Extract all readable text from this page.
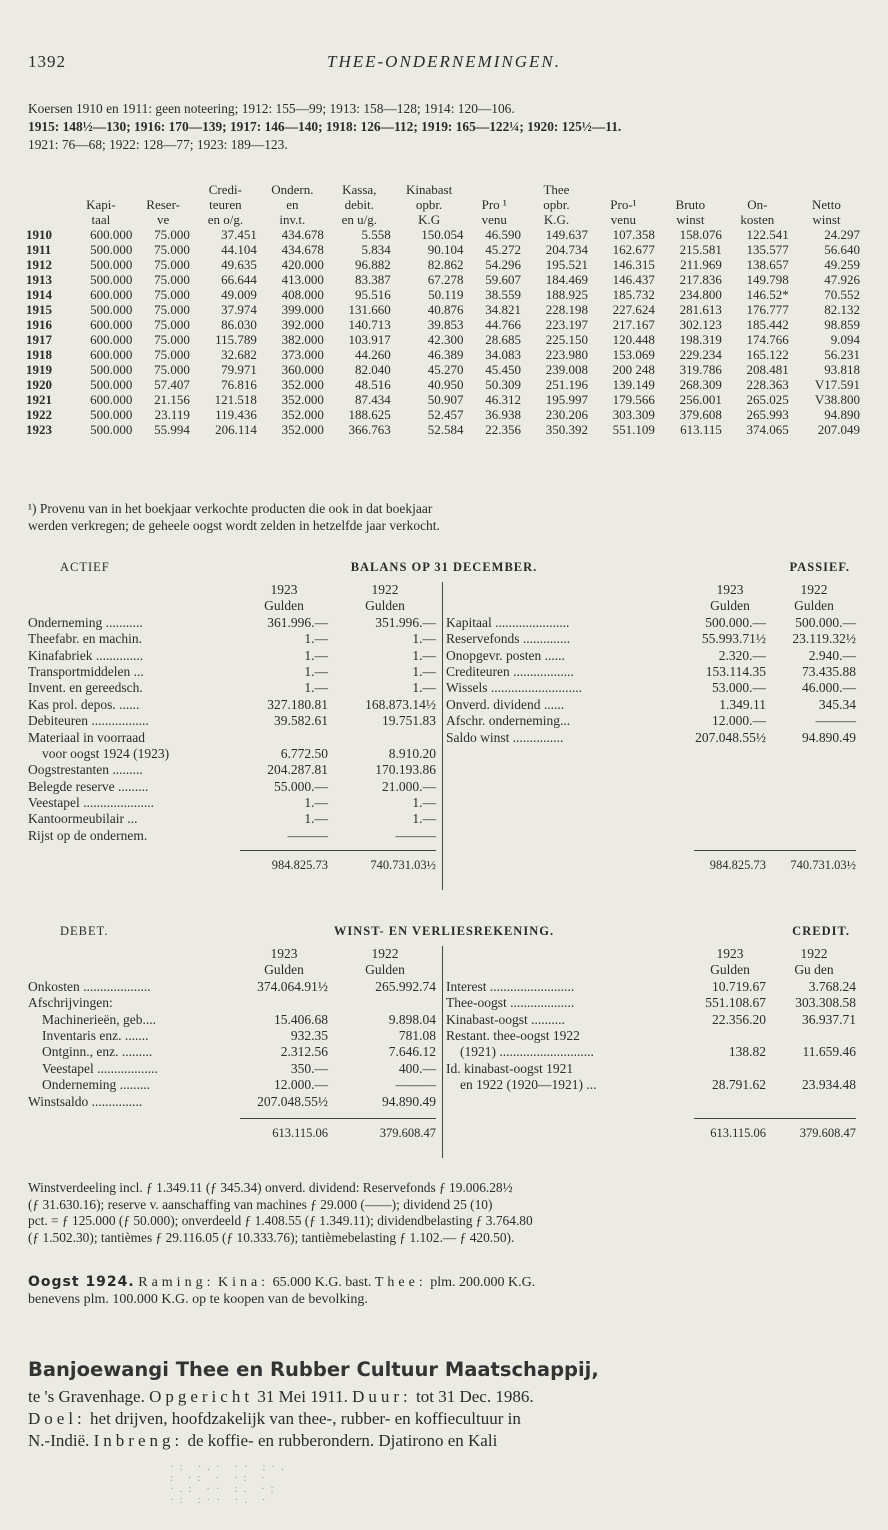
1392	THEE-ONDERNEMINGEN.
Koersen 1910 en 1911: geen noteering; 1912: 155—99; 1913: 158—128; 1914: 120—106.
1915: 148½—130; 1916: 170—139; 1917: 146—140; 1918: 126—112; 1919: 165—122¼; 1920: 125½—11.
1921: 76—68; 1922: 128—77; 1923: 189—123.
			Credi-	Ondern.	Kassa,	Kinabast		Thee				
	Kapi-	Reser-	teuren	en	debit.	opbr.	Pro ¹	opbr.	Pro-¹	Bruto	On-	Netto
	taal	ve	en o/g.	inv.t.	en u/g.	K.G	venu	K.G.	venu	winst	kosten	winst
1910	600.000	75.000	37.451	434.678	5.558	150.054	46.590	149.637	107.358	158.076	122.541	24.297
1911	500.000	75.000	44.104	434.678	5.834	90.104	45.272	204.734	162.677	215.581	135.577	56.640
1912	500.000	75.000	49.635	420.000	96.882	82.862	54.296	195.521	146.315	211.969	138.657	49.259
1913	500.000	75.000	66.644	413.000	83.387	67.278	59.607	184.469	146.437	217.836	149.798	47.926
1914	600.000	75.000	49.009	408.000	95.516	50.119	38.559	188.925	185.732	234.800	146.52*	70.552
1915	500.000	75.000	37.974	399.000	131.660	40.876	34.821	228.198	227.624	281.613	176.777	82.132
1916	600.000	75.000	86.030	392.000	140.713	39.853	44.766	223.197	217.167	302.123	185.442	98.859
1917	600.000	75.000	115.789	382.000	103.917	42.300	28.685	225.150	120.448	198.319	174.766	9.094
1918	600.000	75.000	32.682	373.000	44.260	46.389	34.083	223.980	153.069	229.234	165.122	56.231
1919	500.000	75.000	79.971	360.000	82.040	45.270	45.450	239.008	200 248	319.786	208.481	93.818
1920	500.000	57.407	76.816	352.000	48.516	40.950	50.309	251.196	139.149	268.309	228.363	V17.591
1921	600.000	21.156	121.518	352.000	87.434	50.907	46.312	195.997	179.566	256.001	265.025	V38.800
1922	500.000	23.119	119.436	352.000	188.625	52.457	36.938	230.206	303.309	379.608	265.993	94.890
1923	500.000	55.994	206.114	352.000	366.763	52.584	22.356	350.392	551.109	613.115	374.065	207.049
¹) Provenu van in het boekjaar verkochte producten die ook in dat boekjaar
werden verkregen; de geheele oogst wordt zelden in hetzelfde jaar verkocht.
ACTIEF	BALANS OP 31 DECEMBER.	PASSIEF.
1923	1922
Gulden	Gulden
Onderneming ...........	361.996.—	351.996.—
Theefabr. en machin.	1.—	1.—
Kinafabriek ..............	1.—	1.—
Transportmiddelen ...	1.—	1.—
Invent. en gereedsch.	1.—	1.—
Kas prol. depos. ......	327.180.81	168.873.14½
Debiteuren .................	39.582.61	19.751.83
Materiaal in voorraad
voor oogst 1924 (1923)	6.772.50	8.910.20
Oogstrestanten .........	204.287.81	170.193.86
Belegde reserve .........	55.000.—	21.000.—
Veestapel .....................	1.—	1.—
Kantoormeubilair ...	1.—	1.—
Rijst op de ondernem.	———	———
984.825.73	740.731.03½
1923	1922
Gulden	Gulden
Kapitaal ......................	500.000.—	500.000.—
Reservefonds ..............	55.993.71½	23.119.32½
Onopgevr. posten ......	2.320.—	2.940.—
Crediteuren ..................	153.114.35	73.435.88
Wissels ...........................	53.000.—	46.000.—
Onverd. dividend ......	1.349.11	345.34
Afschr. onderneming...	12.000.—	———
Saldo winst ...............	207.048.55½	94.890.49
984.825.73	740.731.03½
DEBET.	WINST- EN VERLIESREKENING.	CREDIT.
1923	1922
Gulden	Gulden
Onkosten ....................	374.064.91½	265.992.74
Afschrijvingen:
Machinerieën, geb....	15.406.68	9.898.04
Inventaris enz. .......	932.35	781.08
Ontginn., enz. .........	2.312.56	7.646.12
Veestapel ..................	350.—	400.—
Onderneming .........	12.000.—	———
Winstsaldo ...............	207.048.55½	94.890.49
613.115.06	379.608.47
1923	1922
Gulden	Gu den
Interest .........................	10.719.67	3.768.24
Thee-oogst ...................	551.108.67	303.308.58
Kinabast-oogst ..........	22.356.20	36.937.71
Restant. thee-oogst 1922
(1921) ............................	138.82	11.659.46
Id. kinabast-oogst 1921
en 1922 (1920—1921) ...	28.791.62	23.934.48
613.115.06	379.608.47
Winstverdeeling incl. ƒ 1.349.11 (ƒ 345.34) onverd. dividend: Reservefonds ƒ 19.006.28½
(ƒ 31.630.16); reserve v. aanschaffing van machines ƒ 29.000 (——); dividend 25 (10)
pct. = ƒ 125.000 (ƒ 50.000); onverdeeld ƒ 1.408.55 (ƒ 1.349.11); dividendbelasting ƒ 3.764.80
(ƒ 1.502.30); tantièmes ƒ 29.116.05 (ƒ 10.333.76); tantièmebelasting ƒ 1.102.— ƒ 420.50).
Oogst 1924. Raming: Kina: 65.000 K.G. bast. Thee: plm. 200.000 K.G.
benevens plm. 100.000 K.G. op te koopen van de bevolking.
Banjoewangi Thee en Rubber Cultuur Maatschappij,
te 's Gravenhage. Opgericht 31 Mei 1911. Duur: tot 31 Dec. 1986.
Doel: het drijven, hoofdzakelijk van thee-, rubber- en koffiecultuur in
N.-Indië. Inbreng: de koffie- en rubberondern. Djatirono en Kali
·: ·.· ·· :·.
: ·: · ·: ·
·.: ·· :. ·:
·: :·· ·. ·
